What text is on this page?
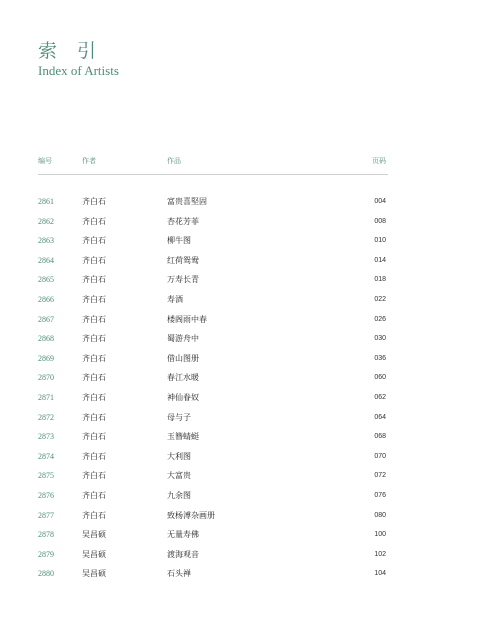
索 引
Index of Artists
编号	作者	作品	页码
2861	齐白石	富贵喜堅固	004
2862	齐白石	杏花芳菲	008
2863	齐白石	柳牛图	010
2864	齐白石	红荷鸳鸯	014
2865	齐白石	万寿长青	018
2866	齐白石	寿酒	022
2867	齐白石	楼阁雨中春	026
2868	齐白石	蜀游舟中	030
2869	齐白石	借山图册	036
2870	齐白石	春江水暖	060
2871	齐白石	神仙眷奴	062
2872	齐白石	母与子	064
2873	齐白石	玉簪蜻蜓	068
2874	齐白石	大利图	070
2875	齐白石	大富贵	072
2876	齐白石	九余图	076
2877	齐白石	致杨溥杂画册	080
2878	吴昌硕	无量寿佛	100
2879	吴昌硕	渡海观音	102
2880	吴昌硕	石头禅	104
